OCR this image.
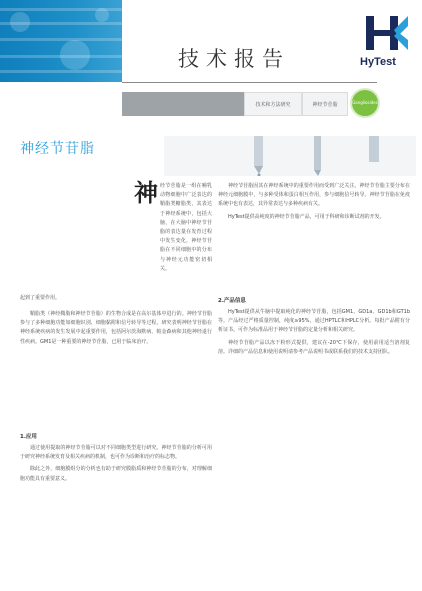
技术报告	HyTest
技术和方法研究	神经节苷脂	Gangliosides
神经节苷脂
神 经节苷脂是一组在哺乳动物细胞中广泛表达的鞘脂类糖脂类，其表达于神经系统中，包括大脑，在大脑中神经节苷脂的表达量在发育过程中发生变化，神经节苷脂在不同细胞中的分布与神经元功能密切相关。
起到了重要作用。

鞘脂类（神经鞘脂和神经节苷脂）的生物合成是在高尔基体中进行的。神经节苷脂参与了多种细胞功能如细胞识别、细胞黏附和信号转导等过程。研究表明神经节苷脂在神经系统疾病的发生发展中起重要作用，包括阿尔茨海默病、帕金森病和其他神经退行性疾病。GM1是一种重要的神经节苷脂，已用于临床治疗。

1.应用

通过使用提取的神经节苷脂可以对不同细胞类型进行研究。神经节苷脂的分析可用于研究神经系统发育及相关疾病的机制，也可作为诊断和治疗的标志物。

除此之外，细胞膜组分的分析也有助于研究膜脂质和神经节苷脂的分布，对理解细胞功能具有重要意义。

神经节苷脂因其在神经系统中的重要作用而受到广泛关注。神经节苷脂主要分布在神经元细胞膜中，与多种受体和蛋白相互作用，参与细胞信号转导。神经节苷脂在免疫系统中也有表达，其异常表达与多种疾病有关。

HyTest提供高纯度的神经节苷脂产品，可用于科研和诊断试剂的开发。

2.产品信息

HyTest提供从牛脑中提取纯化的神经节苷脂，包括GM1、GD1a、GD1b和GT1b等。产品经过严格质量控制，纯度≥95%，通过HPTLC和HPLC分析。每批产品附有分析证书。可作为标准品用于神经节苷脂的定量分析和相关研究。

神经节苷脂产品以冻干粉形式提供，建议在-20℃下保存，使用前用适当溶剂复溶。详细的产品信息和使用说明请参考产品说明书或联系我们的技术支持团队。
